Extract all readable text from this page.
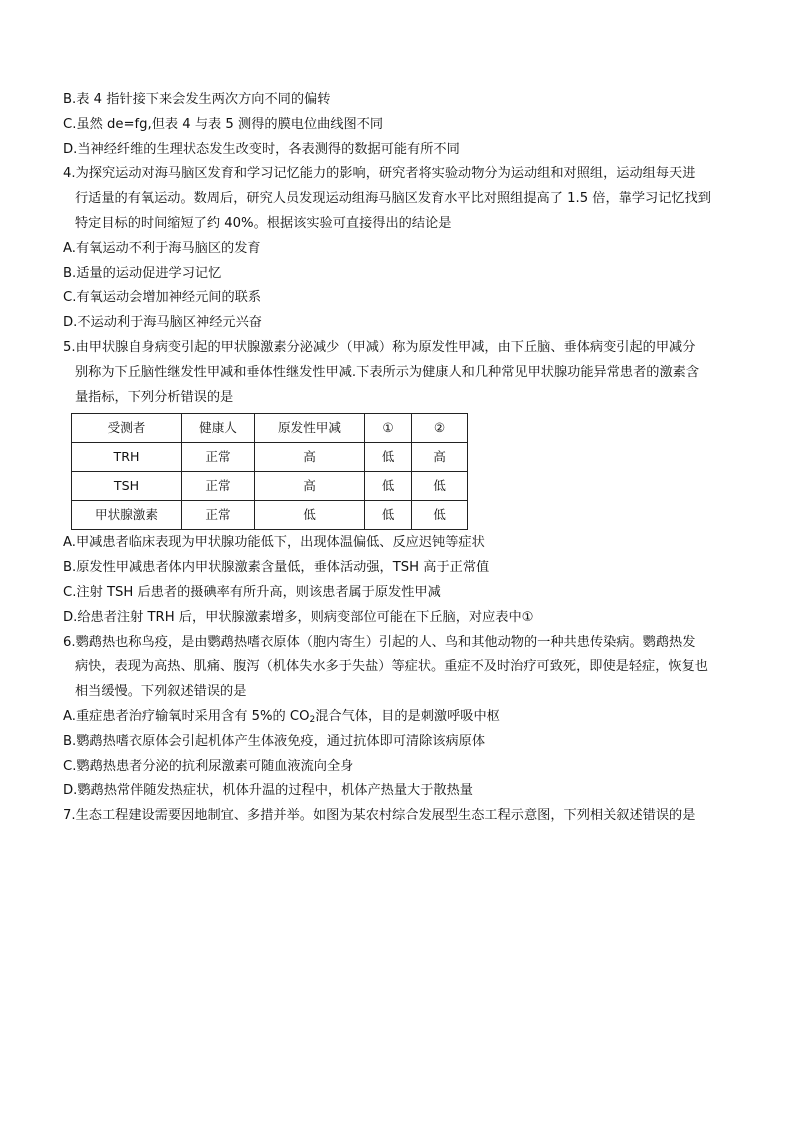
B.表 4 指针接下来会发生两次方向不同的偏转
C.虽然 de=fg,但表 4 与表 5 测得的膜电位曲线图不同
D.当神经纤维的生理状态发生改变时，各表测得的数据可能有所不同
4.为探究运动对海马脑区发育和学习记忆能力的影响，研究者将实验动物分为运动组和对照组，运动组每天进
行适量的有氧运动。数周后，研究人员发现运动组海马脑区发育水平比对照组提高了 1.5 倍，靠学习记忆找到
特定目标的时间缩短了约 40%。根据该实验可直接得出的结论是
A.有氧运动不利于海马脑区的发育
B.适量的运动促进学习记忆
C.有氧运动会增加神经元间的联系
D.不运动利于海马脑区神经元兴奋
5.由甲状腺自身病变引起的甲状腺激素分泌减少（甲减）称为原发性甲减，由下丘脑、垂体病变引起的甲减分
别称为下丘脑性继发性甲减和垂体性继发性甲减.下表所示为健康人和几种常见甲状腺功能异常患者的激素含
量指标，下列分析错误的是
受测者	健康人	原发性甲减	①	②
TRH	正常	高	低	高
TSH	正常	高	低	低
甲状腺激素	正常	低	低	低
A.甲减患者临床表现为甲状腺功能低下，出现体温偏低、反应迟钝等症状
B.原发性甲减患者体内甲状腺激素含量低，垂体活动强，TSH 高于正常值
C.注射 TSH 后患者的摄碘率有所升高，则该患者属于原发性甲减
D.给患者注射 TRH 后，甲状腺激素增多，则病变部位可能在下丘脑，对应表中①
6.鹦鹉热也称鸟疫，是由鹦鹉热嗜衣原体（胞内寄生）引起的人、鸟和其他动物的一种共患传染病。鹦鹉热发
病快，表现为高热、肌痛、腹泻（机体失水多于失盐）等症状。重症不及时治疗可致死，即使是轻症，恢复也
相当缓慢。下列叙述错误的是
A.重症患者治疗输氧时采用含有 5%的 $CO_2$混合气体，目的是刺激呼吸中枢
B.鹦鹉热嗜衣原体会引起机体产生体液免疫，通过抗体即可清除该病原体
C.鹦鹉热患者分泌的抗利尿激素可随血液流向全身
D.鹦鹉热常伴随发热症状，机体升温的过程中，机体产热量大于散热量
7.生态工程建设需要因地制宜、多措并举。如图为某农村综合发展型生态工程示意图，下列相关叙述错误的是
